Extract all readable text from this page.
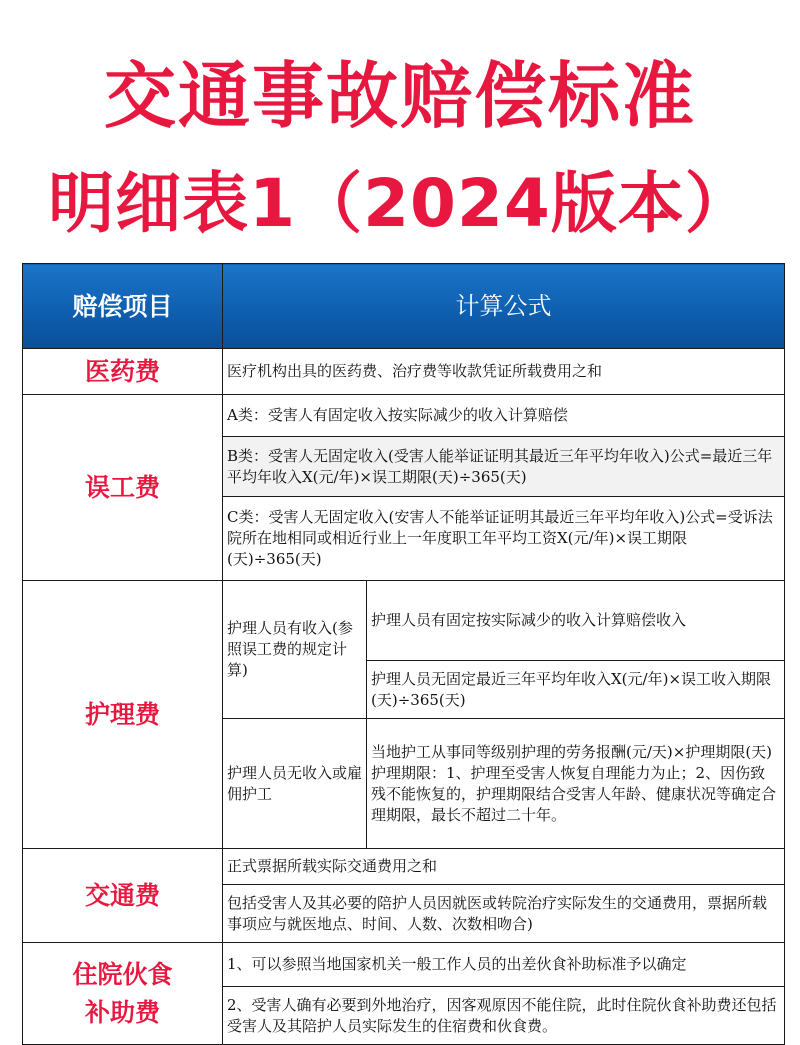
交通事故赔偿标准
明细表1（2024版本）
赔偿项目	计算公式	
医药费	医疗机构出具的医药费、治疗费等收款凭证所载费用之和	
误工费	A类：受害人有固定收入按实际减少的收入计算赔偿	
	B类：受害人无固定收入(受害人能举证证明其最近三年平均年收入)公式=最近三年平均年收入X(元/年)×误工期限(天)÷365(天)	
	C类：受害人无固定收入(安害人不能举证证明其最近三年平均年收入)公式=受诉法院所在地相同或相近行业上一年度职工年平均工资X(元/年)×误工期限(天)÷365(天)	
护理费	护理人员有收入(参照误工费的规定计算)	护理人员有固定按实际减少的收入计算赔偿收入
		护理人员无固定最近三年平均年收入X(元/年)×误工收入期限(天)÷365(天)
	护理人员无收入或雇佣护工	当地护工从事同等级别护理的劳务报酬(元/天)×护理期限(天)
护理期限：1、护理至受害人恢复自理能力为止；2、因伤致残不能恢复的，护理期限结合受害人年龄、健康状况等确定合理期限，最长不超过二十年。

交通费	正式票据所载实际交通费用之和	
	包括受害人及其必要的陪护人员因就医或转院治疗实际发生的交通费用，票据所载事项应与就医地点、时间、人数、次数相吻合)	

住院伙食
补助费	1、可以参照当地国家机关一般工作人员的出差伙食补助标准予以确定	
	2、受害人确有必要到外地治疗，因客观原因不能住院，此时住院伙食补助费还包括受害人及其陪护人员实际发生的住宿费和伙食费。	
